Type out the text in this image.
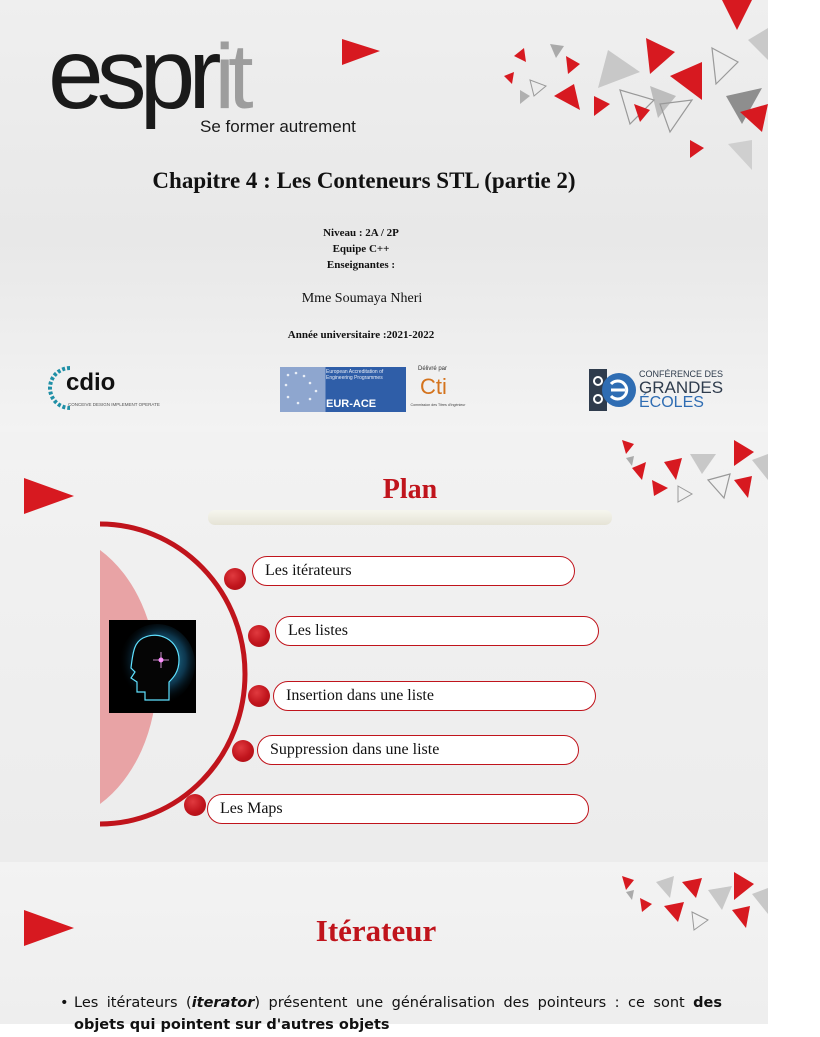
esprit
Se former autrement
Chapitre 4 : Les Conteneurs STL (partie 2)
Niveau : 2A / 2P
Equipe C++
Enseignantes :
Mme Soumaya Nheri
Année universitaire :2021-2022
cdio
CONCEIVE DESIGN IMPLEMENT OPERATE
European Accreditation of Engineering Programmes
EUR-ACE
Délivré par
Cti
Commission des Titres d'Ingénieur
CONFÉRENCE DES
GRANDES
ÉCOLES
Plan
Les itérateurs
Les listes
Insertion dans une liste
Suppression dans une liste
Les Maps
Itérateur
• Les itérateurs (iterator) présentent une généralisation des pointeurs : ce sont des objets qui pointent sur d'autres objets
